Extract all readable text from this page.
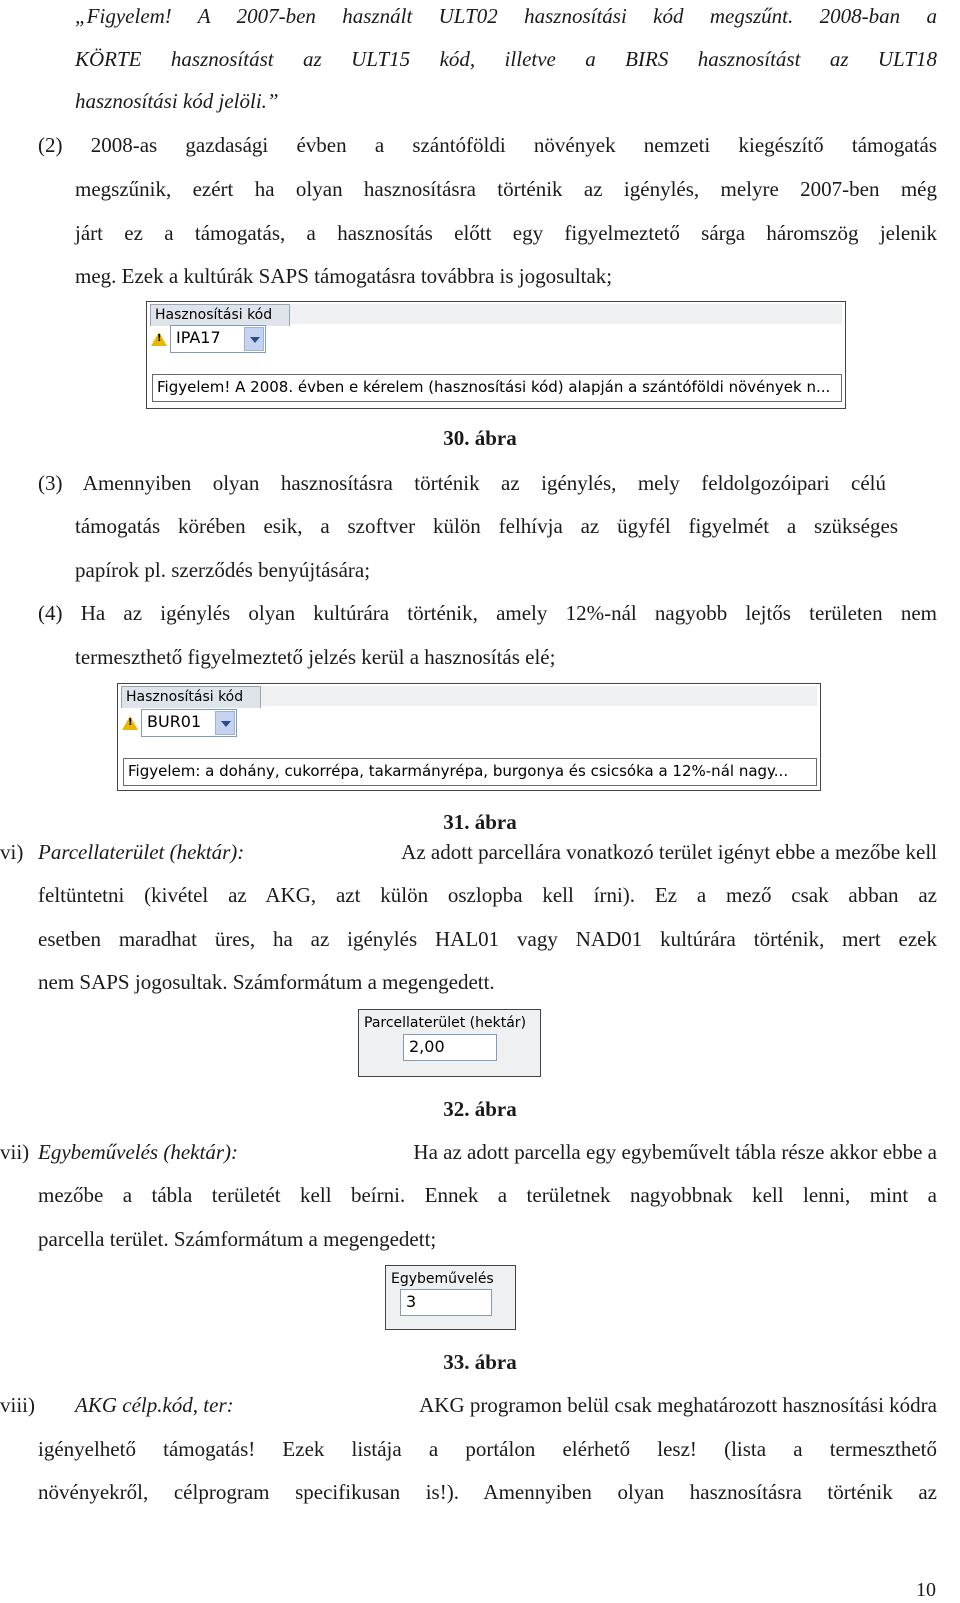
„Figyelem! A 2007-ben használt ULT02 hasznosítási kód megszűnt. 2008-ban a
KÖRTE hasznosítást az ULT15 kód, illetve a BIRS hasznosítást az ULT18
hasznosítási kód jelöli.”
(2) 2008-as gazdasági évben a szántóföldi növények nemzeti kiegészítő támogatás
megszűnik, ezért ha olyan hasznosításra történik az igénylés, melyre 2007-ben még
járt ez a támogatás, a hasznosítás előtt egy figyelmeztető sárga háromszög jelenik
meg. Ezek a kultúrák SAPS támogatásra továbbra is jogosultak;
Hasznosítási kód
!
IPA17
Figyelem! A 2008. évben e kérelem (hasznosítási kód) alapján a szántóföldi növények n...
30. ábra
(3) Amennyiben olyan hasznosításra történik az igénylés, mely feldolgozóipari célú
támogatás körében esik, a szoftver külön felhívja az ügyfél figyelmét a szükséges
papírok pl. szerződés benyújtására;
(4) Ha az igénylés olyan kultúrára történik, amely 12%-nál nagyobb lejtős területen nem
termeszthető figyelmeztető jelzés kerül a hasznosítás elé;
Hasznosítási kód
!
BUR01
Figyelem: a dohány, cukorrépa, takarmányrépa, burgonya és csicsóka a 12%-nál nagy...
31. ábra
vi) Parcellaterület (hektár):	Az adott parcellára vonatkozó terület igényt ebbe a mezőbe kell
feltüntetni (kivétel az AKG, azt külön oszlopba kell írni). Ez a mező csak abban az
esetben maradhat üres, ha az igénylés HAL01 vagy NAD01 kultúrára történik, mert ezek
nem SAPS jogosultak. Számformátum a megengedett.
Parcellaterület (hektár)
2,00
32. ábra
vii) Egybeművelés (hektár):	Ha az adott parcella egy egybeművelt tábla része akkor ebbe a
mezőbe a tábla területét kell beírni. Ennek a területnek nagyobbnak kell lenni, mint a
parcella terület. Számformátum a megengedett;
Egybeművelés
3
33. ábra
viii) AKG célp.kód, ter:	AKG programon belül csak meghatározott hasznosítási kódra
igényelhető támogatás! Ezek listája a portálon elérhető lesz! (lista a termeszthető
növényekről, célprogram specifikusan is!). Amennyiben olyan hasznosításra történik az
10
